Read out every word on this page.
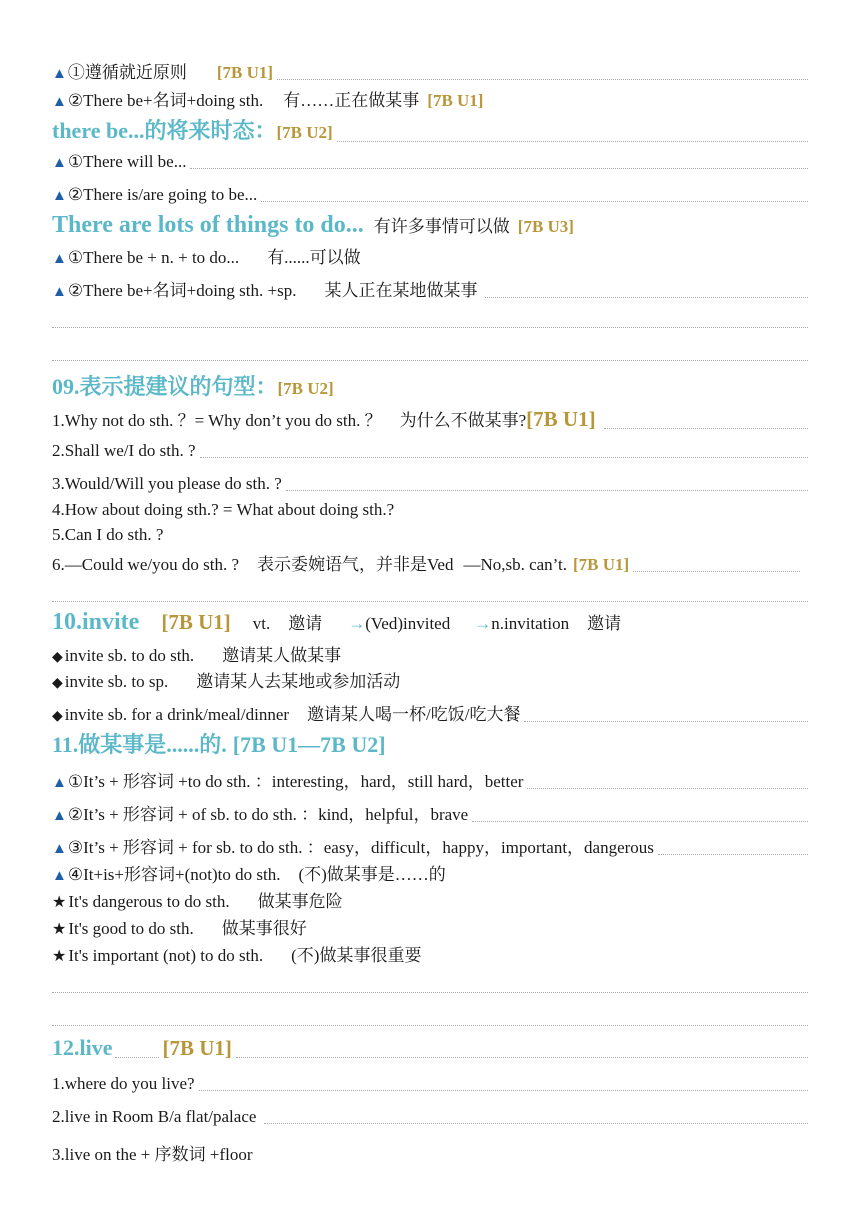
▲ ①遵循就近原则 [7B U1]
▲ ②There be+名词+doing sth. 有……正在做某事 [7B U1]
there be...的将来时态： [7B U2]
▲ ①There will be...
▲ ②There is/are going to be...
There are lots of things to do... 有许多事情可以做 [7B U3]
▲ ①There be + n. + to do... 有......可以做
▲ ②There be+名词+doing sth. +sp. 某人正在某地做某事
09.表示提建议的句型： [7B U2]
1.Why not do sth. ？= Why don’t you do sth. ？ 为什么不做某事? [7B U1]
2.Shall we/I do sth. ?
3.Would/Will you please do sth. ?
4.How about doing sth.? = What about doing sth.?
5.Can I do sth. ?
6.—Could we/you do sth. ? 表示委婉语气，并非是Ved —No,sb. can’t. [7B U1]
10.invite [7B U1] vt. 邀请 → (Ved)invited → n.invitation 邀请
◆ invite sb. to do sth. 邀请某人做某事
◆ invite sb. to sp. 邀请某人去某地或参加活动
◆ invite sb. for a drink/meal/dinner 邀请某人喝一杯/吃饭/吃大餐
11.做某事是......的. [7B U1—7B U2]
▲ ①It’s + 形容词 +to do sth. ：interesting，hard，still hard，better
▲ ②It’s + 形容词 + of sb. to do sth. ：kind，helpful，brave
▲ ③It’s + 形容词 + for sb. to do sth. ：easy，difficult，happy，important，dangerous
▲ ④It+is+形容词+(not)to do sth. (不)做某事是……的
★ It's dangerous to do sth. 做某事危险
★ It's good to do sth. 做某事很好
★ It's important (not) to do sth. (不)做某事很重要
12.live [7B U1]
1.where do you live?
2.live in Room B/a flat/palace
3.live on the + 序数词 +floor
